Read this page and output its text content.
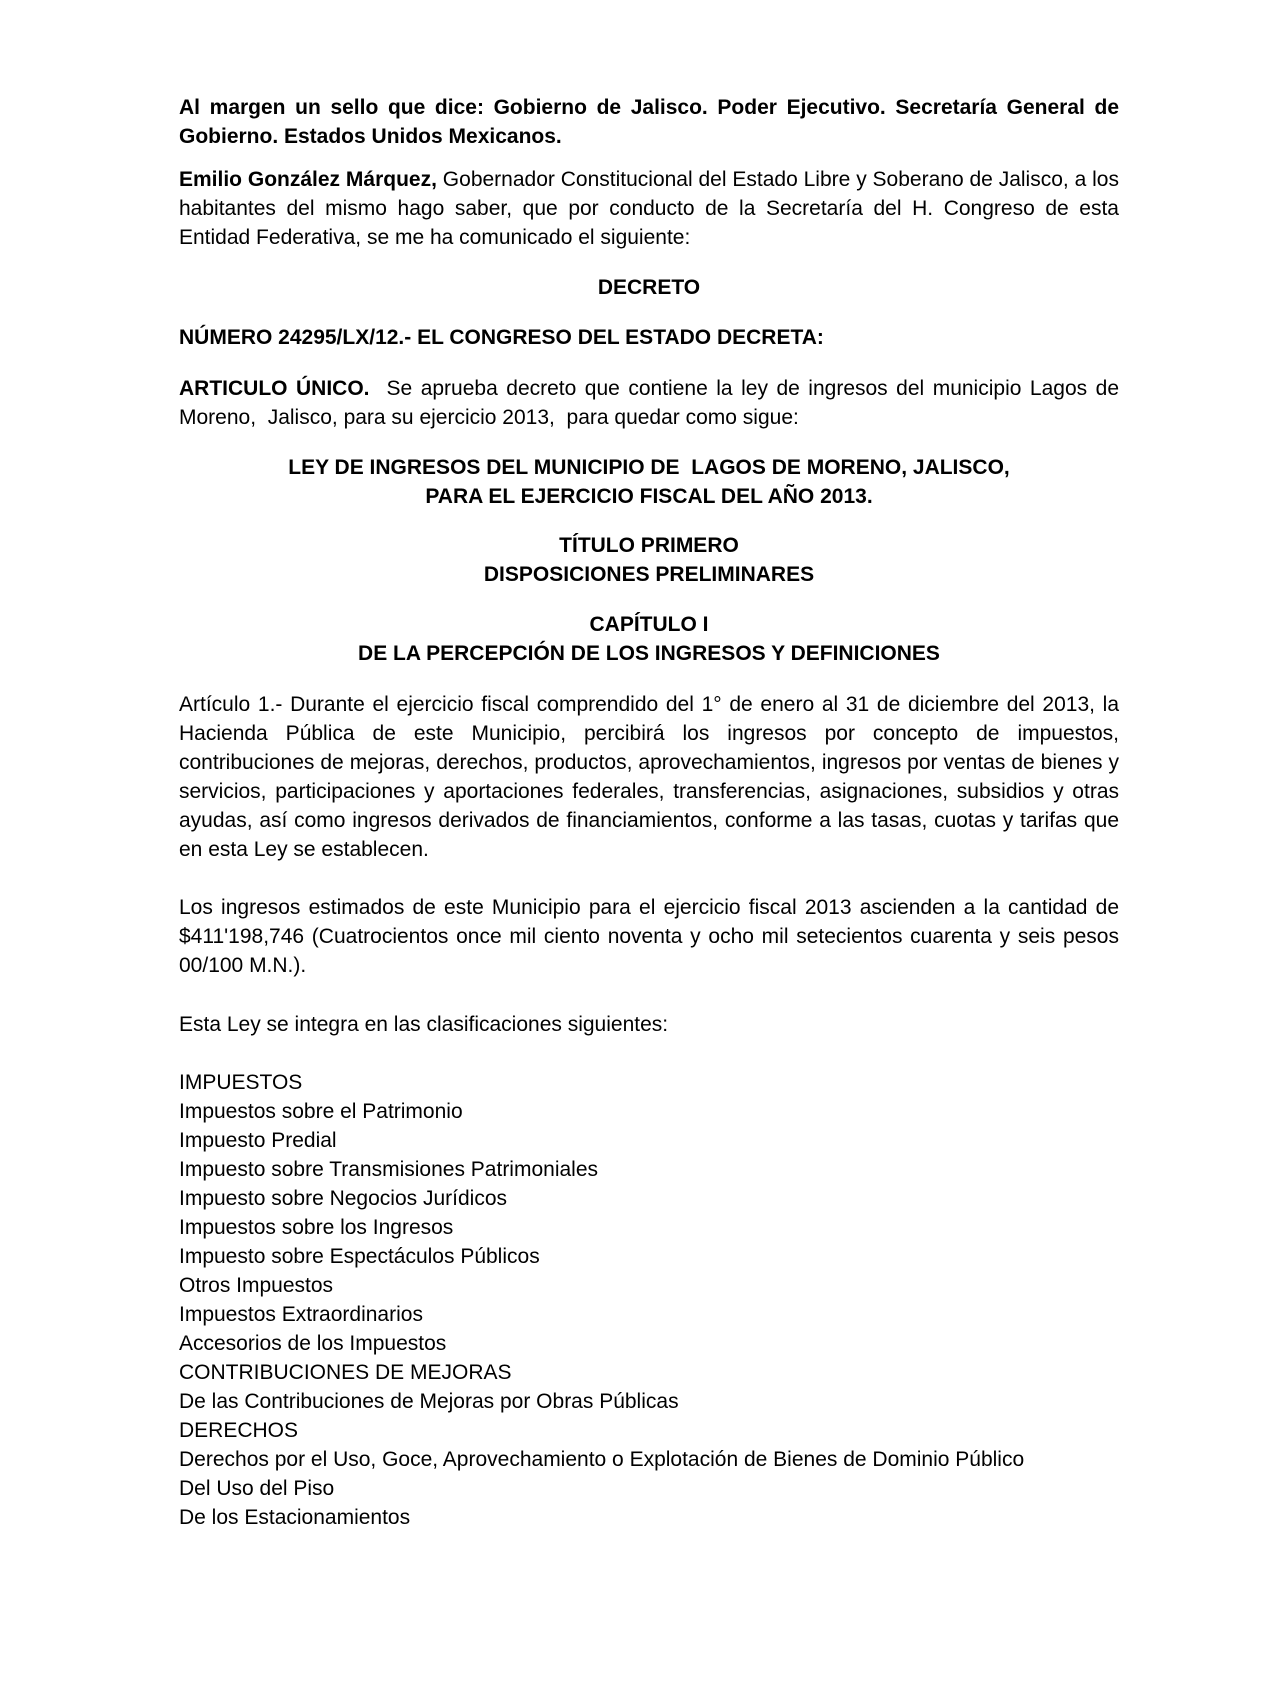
Al margen un sello que dice: Gobierno de Jalisco. Poder Ejecutivo. Secretaría General de Gobierno. Estados Unidos Mexicanos.

Emilio González Márquez, Gobernador Constitucional del Estado Libre y Soberano de Jalisco, a los habitantes del mismo hago saber, que por conducto de la Secretaría del H. Congreso de esta Entidad Federativa, se me ha comunicado el siguiente:

DECRETO

NÚMERO 24295/LX/12.- EL CONGRESO DEL ESTADO DECRETA:

ARTICULO ÚNICO.  Se aprueba decreto que contiene la ley de ingresos del municipio Lagos de Moreno,  Jalisco, para su ejercicio 2013,  para quedar como sigue:

LEY DE INGRESOS DEL MUNICIPIO DE  LAGOS DE MORENO, JALISCO,
PARA EL EJERCICIO FISCAL DEL AÑO 2013.

TÍTULO PRIMERO
DISPOSICIONES PRELIMINARES

CAPÍTULO I
DE LA PERCEPCIÓN DE LOS INGRESOS Y DEFINICIONES

Artículo 1.- Durante el ejercicio fiscal comprendido del 1° de enero al 31 de diciembre del 2013, la Hacienda Pública de este Municipio, percibirá los ingresos por concepto de impuestos, contribuciones de mejoras, derechos, productos, aprovechamientos, ingresos por ventas de bienes y servicios, participaciones y aportaciones federales, transferencias, asignaciones, subsidios y otras ayudas, así como ingresos derivados de financiamientos, conforme a las tasas, cuotas y tarifas que en esta Ley se establecen.

Los ingresos estimados de este Municipio para el ejercicio fiscal 2013 ascienden a la cantidad de $411'198,746 (Cuatrocientos once mil ciento noventa y ocho mil setecientos cuarenta y seis pesos 00/100 M.N.).

Esta Ley se integra en las clasificaciones siguientes:

IMPUESTOS
Impuestos sobre el Patrimonio
Impuesto Predial
Impuesto sobre Transmisiones Patrimoniales
Impuesto sobre Negocios Jurídicos
Impuestos sobre los Ingresos
Impuesto sobre Espectáculos Públicos
Otros Impuestos
Impuestos Extraordinarios
Accesorios de los Impuestos
CONTRIBUCIONES DE MEJORAS
De las Contribuciones de Mejoras por Obras Públicas
DERECHOS
Derechos por el Uso, Goce, Aprovechamiento o Explotación de Bienes de Dominio Público
Del Uso del Piso
De los Estacionamientos
